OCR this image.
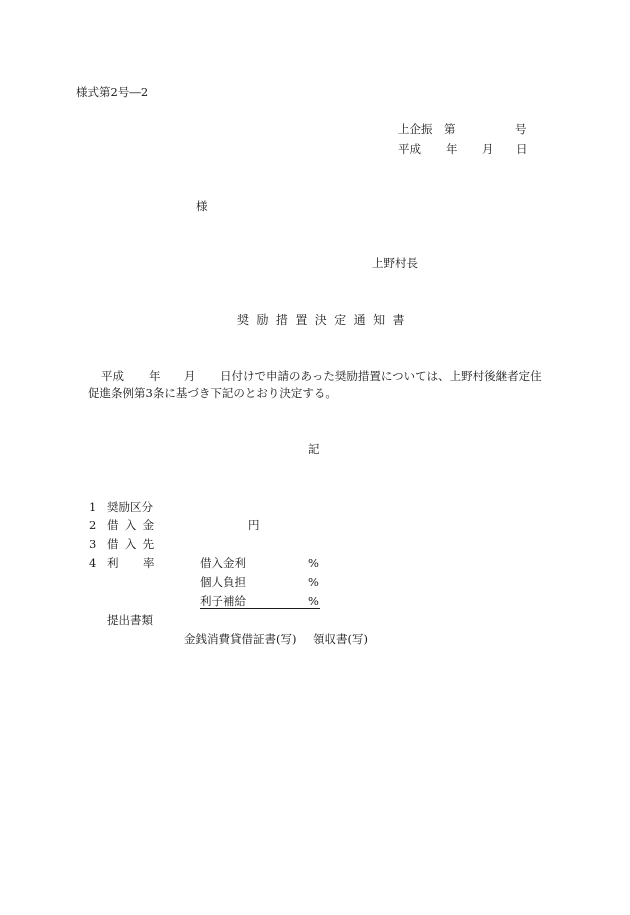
様式第2号―2
上企振 第	号
平成 年 月 日
様
上野村長
奨励措置決定通知書
平成 年 月 日付けで申請のあった奨励措置については、上野村後継者定住
促進条例第3条に基づき下記のとおり決定する。
記
1 奨励区分
2 借入金	円
3 借入先
4 利 率	借入金利	%
個人負担	%
利子補給	%
提出書類
金銭消費貸借証書(写) 領収書(写)
